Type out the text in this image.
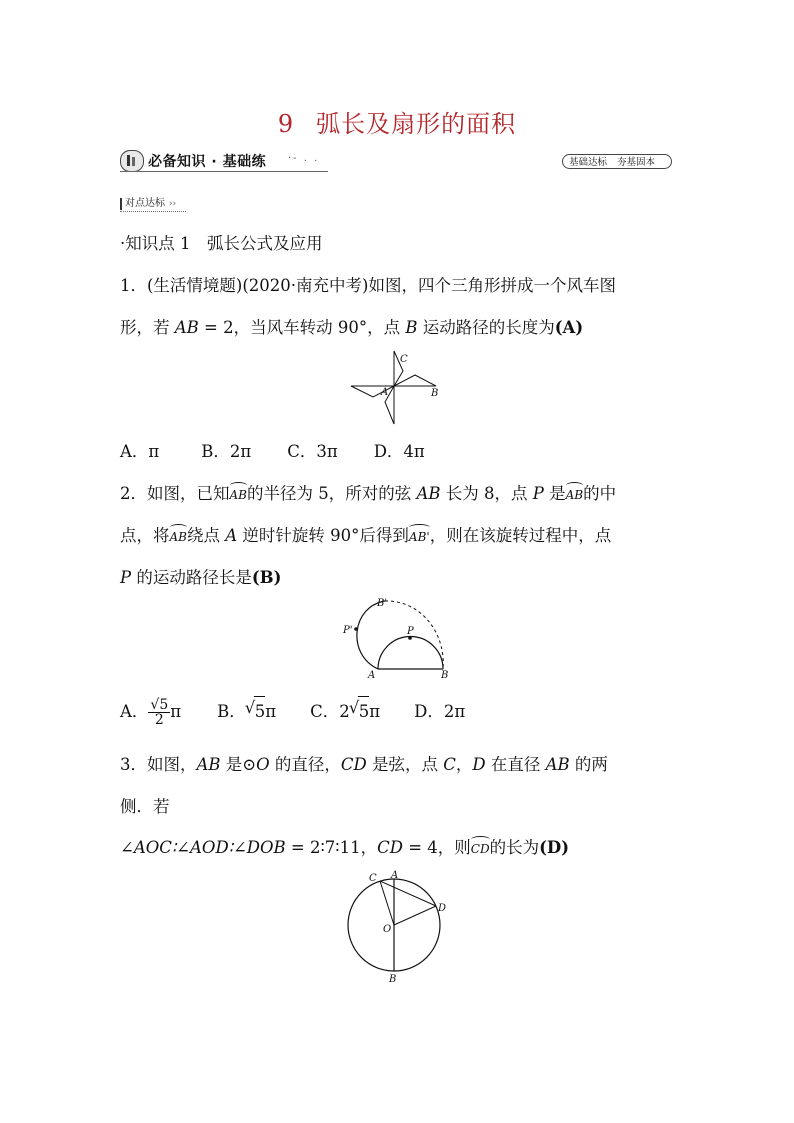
9 弧长及扇形的面积
必备知识 · 基础练 ·- . .	基础达标 夯基固本
对点达标 ››
·知识点 1　弧长公式及应用
1．(生活情境题)(2020·南充中考)如图，四个三角形拼成一个风车图
形，若 AB = 2，当风车转动 90°，点 B 运动路径的长度为(A)
C
A	B
A．π	B．2π C．3π D．4π
2．如图，已知AB的半径为 5，所对的弦 AB 长为 8，点 P 是AB的中
点，将AB绕点 A 逆时针旋转 90°后得到AB'，则在该旋转过程中，点
P 的运动路径长是(B)
B'
P'	P
A	B
A． $\frac{√5}{2}$ π B． √ 5π C．2 √ 5π D．2π
3．如图，AB 是⊙O 的直径，CD 是弦，点 C，D 在直径 AB 的两
侧．若
∠AOC∶∠AOD∶∠DOB = 2∶7∶11，CD = 4，则CD的长为(D)
C A
D
O
B
